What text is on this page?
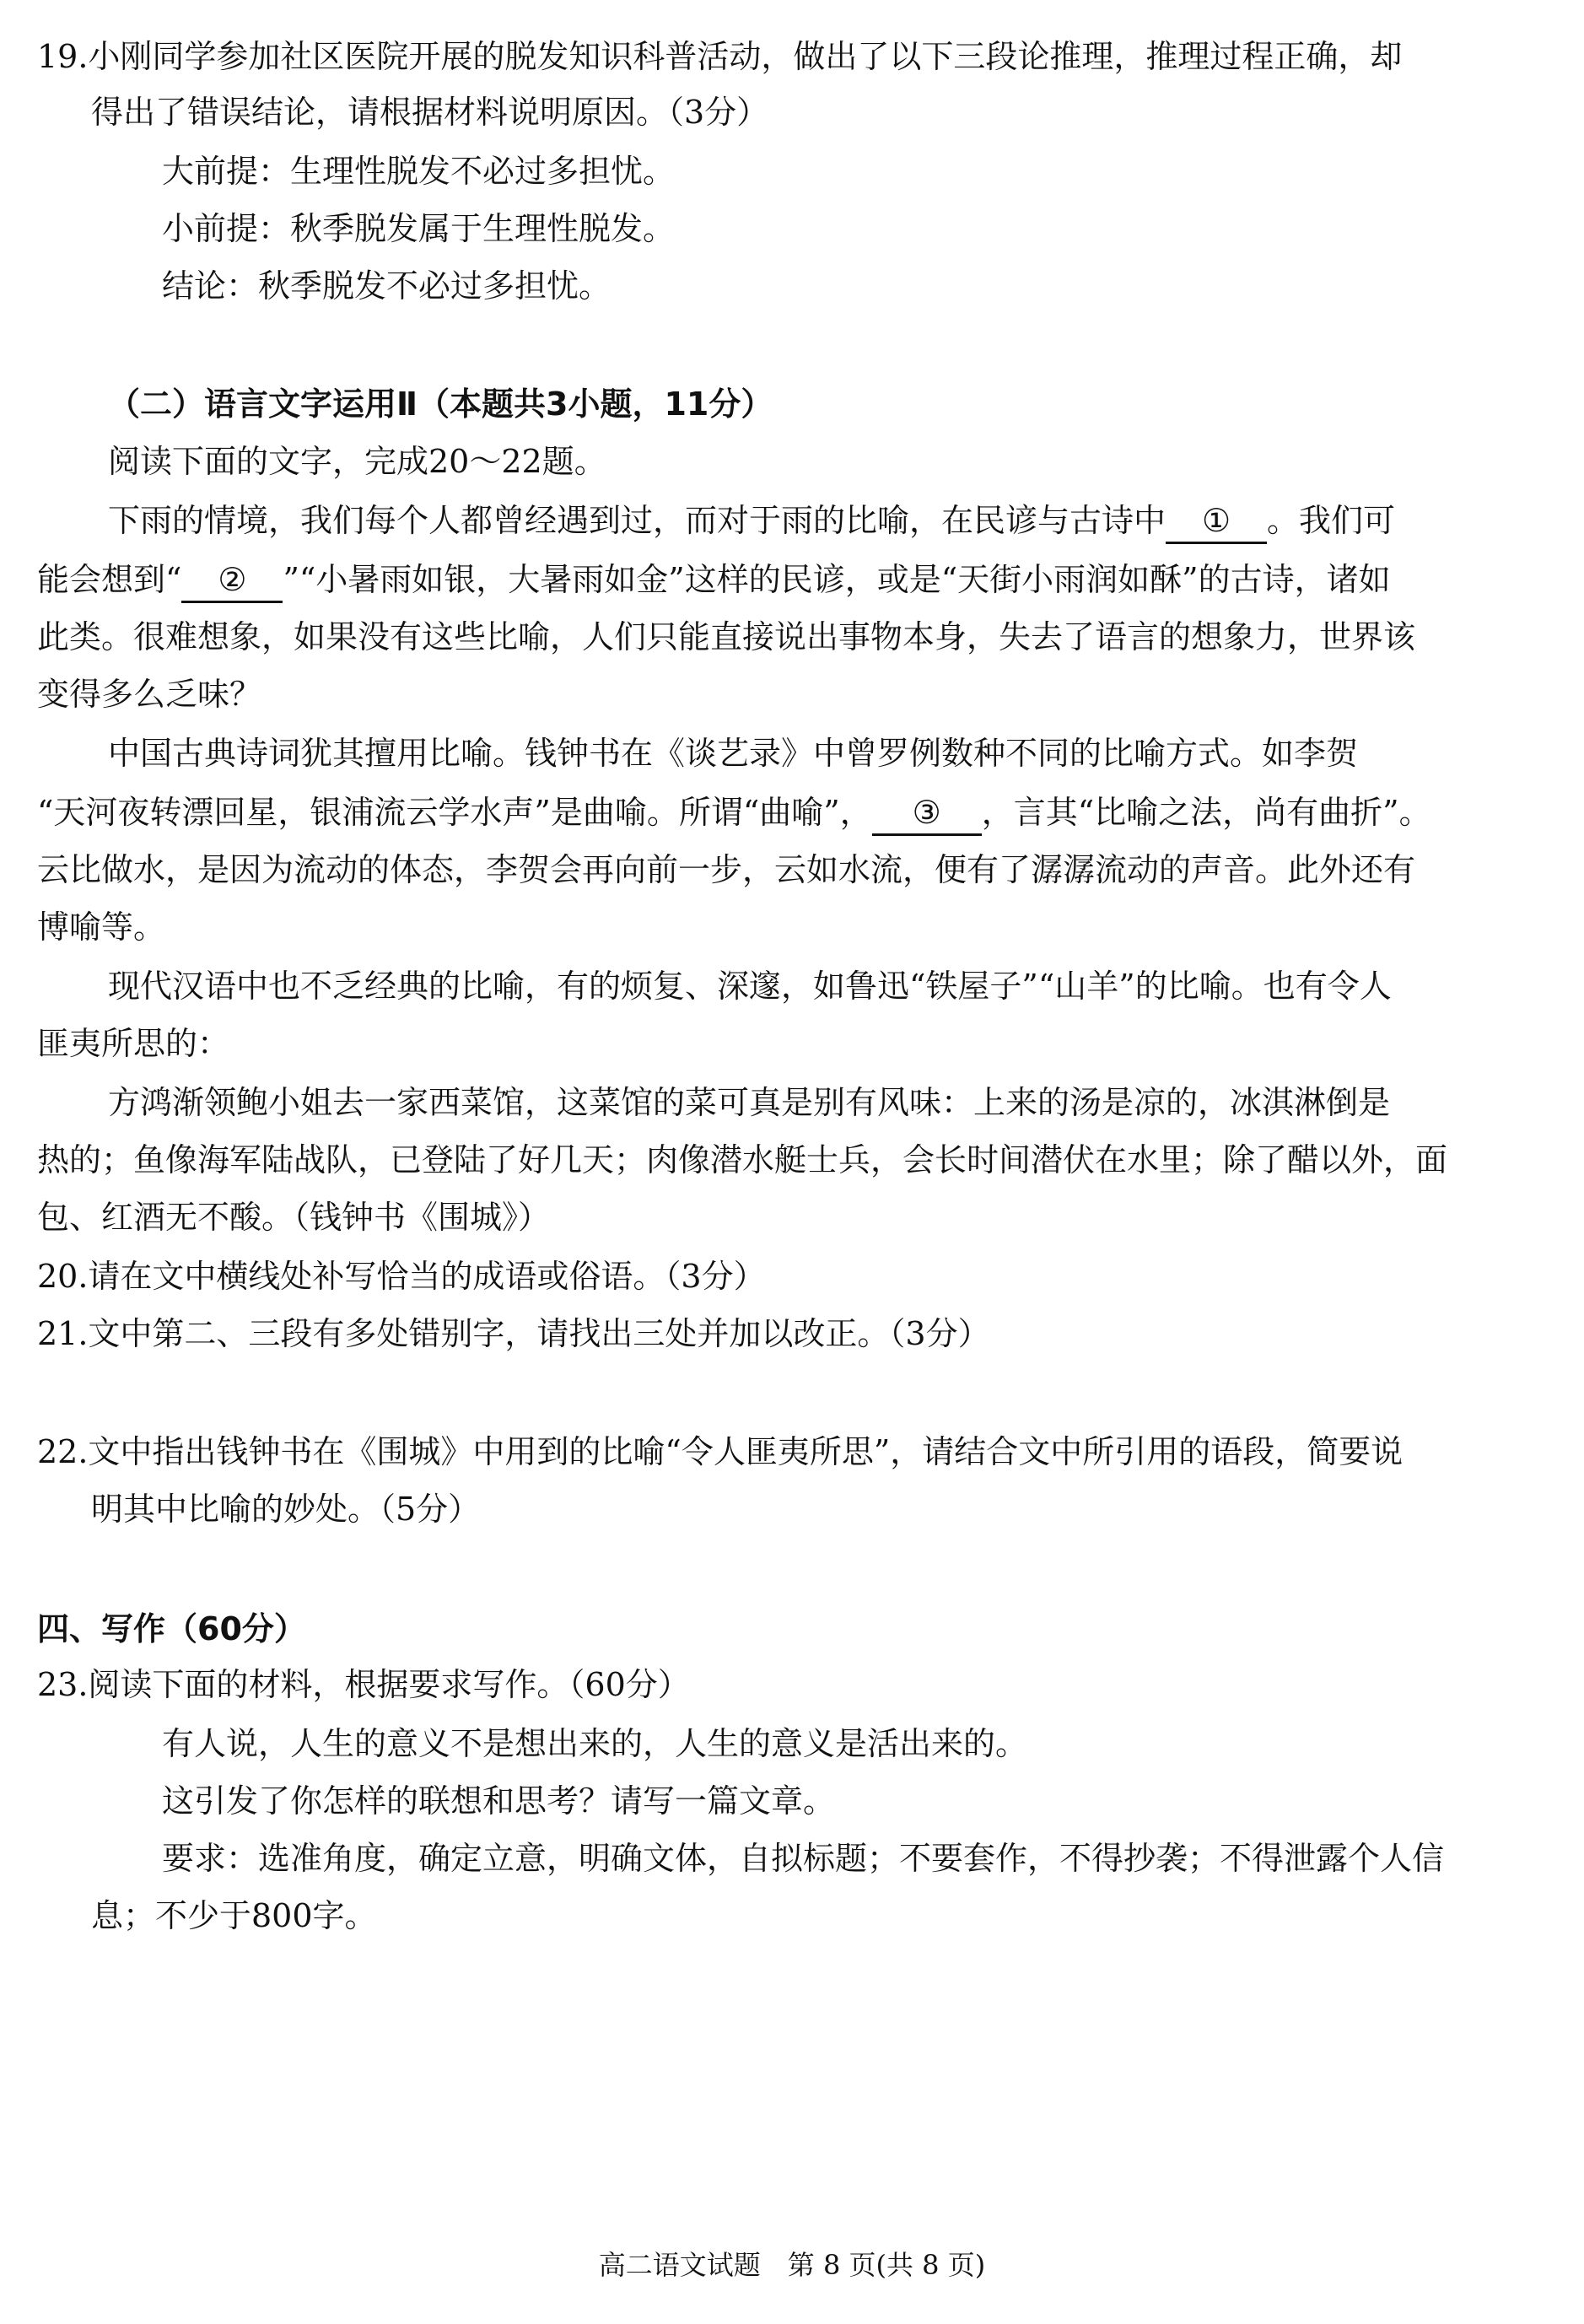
19.小刚同学参加社区医院开展的脱发知识科普活动，做出了以下三段论推理，推理过程正确，却
得出了错误结论，请根据材料说明原因。（3分）
大前提：生理性脱发不必过多担忧。
小前提：秋季脱发属于生理性脱发。
结论：秋季脱发不必过多担忧。
（二）语言文字运用Ⅱ（本题共3小题，11分）
阅读下面的文字，完成20～22题。
下雨的情境，我们每个人都曾经遇到过，而对于雨的比喻，在民谚与古诗中 ① 。我们可
能会想到“ ② ”“小暑雨如银，大暑雨如金”这样的民谚，或是“天街小雨润如酥”的古诗，诸如
此类。很难想象，如果没有这些比喻，人们只能直接说出事物本身，失去了语言的想象力，世界该
变得多么乏味？
中国古典诗词犹其擅用比喻。钱钟书在《谈艺录》中曾罗例数种不同的比喻方式。如李贺
“天河夜转漂回星，银浦流云学水声”是曲喻。所谓“曲喻”， ③ ，言其“比喻之法，尚有曲折”。
云比做水，是因为流动的体态，李贺会再向前一步，云如水流，便有了潺潺流动的声音。此外还有
博喻等。
现代汉语中也不乏经典的比喻，有的烦复、深邃，如鲁迅“铁屋子”“山羊”的比喻。也有令人
匪夷所思的：
方鸿渐领鲍小姐去一家西菜馆，这菜馆的菜可真是别有风味：上来的汤是凉的，冰淇淋倒是
热的；鱼像海军陆战队，已登陆了好几天；肉像潜水艇士兵，会长时间潜伏在水里；除了醋以外，面
包、红酒无不酸。（钱钟书《围城》）
20.请在文中横线处补写恰当的成语或俗语。（3分）
21.文中第二、三段有多处错别字，请找出三处并加以改正。（3分）
22.文中指出钱钟书在《围城》中用到的比喻“令人匪夷所思”，请结合文中所引用的语段，简要说
明其中比喻的妙处。（5分）
四、写作（60分）
23.阅读下面的材料，根据要求写作。（60分）
有人说，人生的意义不是想出来的，人生的意义是活出来的。
这引发了你怎样的联想和思考？请写一篇文章。
要求：选准角度，确定立意，明确文体，自拟标题；不要套作，不得抄袭；不得泄露个人信
息；不少于800字。
高二语文试题　第 8 页(共 8 页)
